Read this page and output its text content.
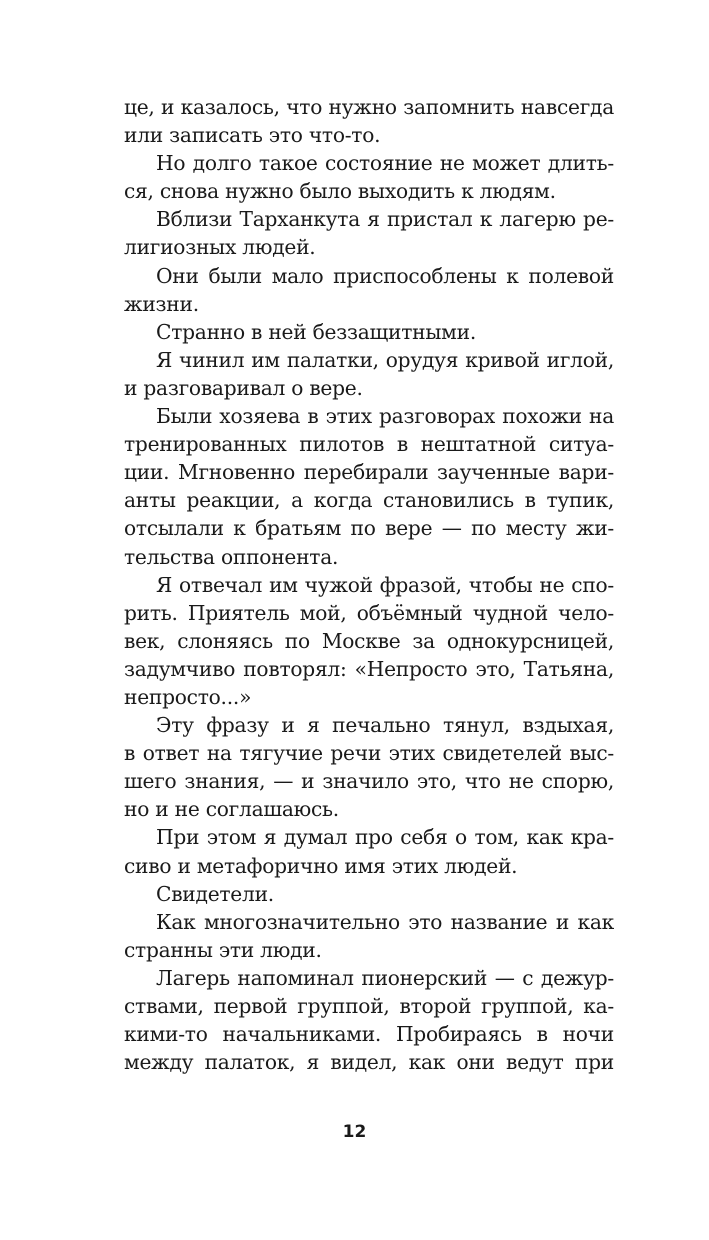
це, и казалось, что нужно запомнить навсегда
или записать это что-то.
Но долго такое состояние не может длить-
ся, снова нужно было выходить к людям.
Вблизи Тарханкута я пристал к лагерю ре-
лигиозных людей.
Они были мало приспособлены к полевой
жизни.
Странно в ней беззащитными.
Я чинил им палатки, орудуя кривой иглой,
и разговаривал о вере.
Были хозяева в этих разговорах похожи на
тренированных пилотов в нештатной ситуа-
ции. Мгновенно перебирали заученные вари-
анты реакции, а когда становились в тупик,
отсылали к братьям по вере — по месту жи-
тельства оппонента.
Я отвечал им чужой фразой, чтобы не спо-
рить. Приятель мой, объёмный чудной чело-
век, слоняясь по Москве за однокурсницей,
задумчиво повторял: «Непросто это, Татьяна,
непросто...»
Эту фразу и я печально тянул, вздыхая,
в ответ на тягучие речи этих свидетелей выс-
шего знания, — и значило это, что не спорю,
но и не соглашаюсь.
При этом я думал про себя о том, как кра-
сиво и метафорично имя этих людей.
Свидетели.
Как многозначительно это название и как
странны эти люди.
Лагерь напоминал пионерский — с дежур-
ствами, первой группой, второй группой, ка-
кими-то начальниками. Пробираясь в ночи
между палаток, я видел, как они ведут при
12
